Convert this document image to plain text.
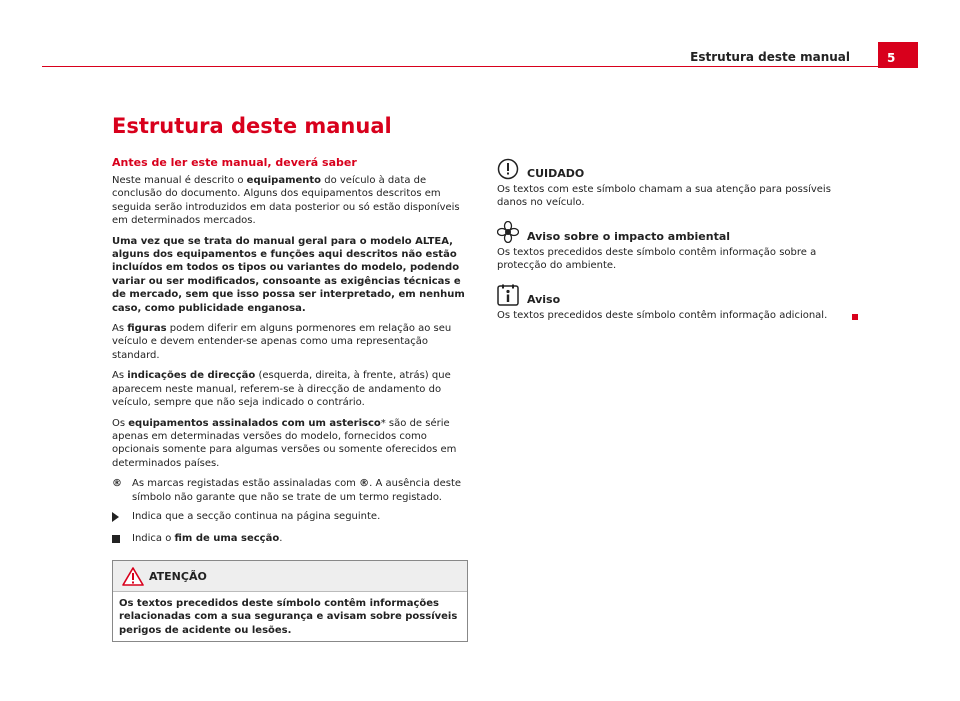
Estrutura deste manual	5
Estrutura deste manual
Antes de ler este manual, deverá saber

Neste manual é descrito o equipamento do veículo à data de conclusão do documento. Alguns dos equipamentos descritos em seguida serão introduzidos em data posterior ou só estão disponíveis em determinados mercados.

Uma vez que se trata do manual geral para o modelo ALTEA, alguns dos equipamentos e funções aqui descritos não estão incluídos em todos os tipos ou variantes do modelo, podendo variar ou ser modificados, consoante as exigências técnicas e de mercado, sem que isso possa ser interpretado, em nenhum caso, como publicidade enganosa.

As figuras podem diferir em alguns pormenores em relação ao seu veículo e devem entender-se apenas como uma representação standard.

As indicações de direcção (esquerda, direita, à frente, atrás) que aparecem neste manual, referem-se à direcção de andamento do veículo, sempre que não seja indicado o contrário.

Os equipamentos assinalados com um asterisco* são de série apenas em determinadas versões do modelo, fornecidos como opcionais somente para algumas versões ou somente oferecidos em determinados países.

®	As marcas registadas estão assinaladas com ®. A ausência deste símbolo não garante que não se trate de um termo registado.
Indica que a secção continua na página seguinte.
Indica o fim de uma secção.
ATENÇÃO
Os textos precedidos deste símbolo contêm informações relacionadas com a sua segurança e avisam sobre possíveis perigos de acidente ou lesões.
CUIDADO

Os textos com este símbolo chamam a sua atenção para possíveis danos no veículo.

Aviso sobre o impacto ambiental

Os textos precedidos deste símbolo contêm informação sobre a protecção do ambiente.

Aviso

Os textos precedidos deste símbolo contêm informação adicional.
